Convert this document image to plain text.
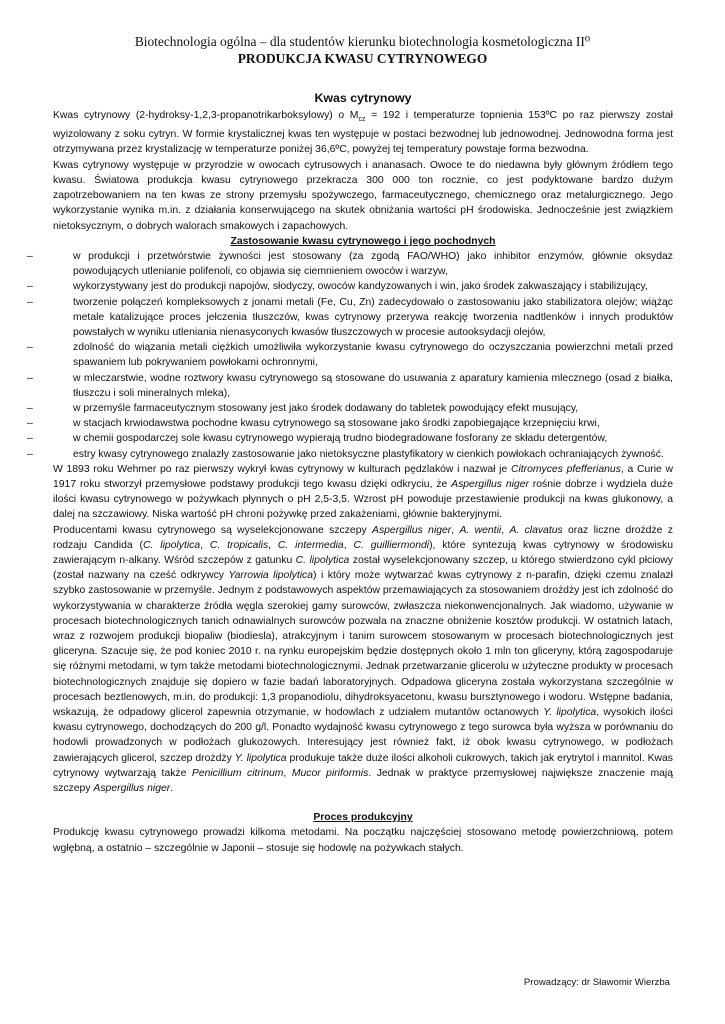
Biotechnologia ogólna – dla studentów kierunku biotechnologia kosmetologiczna II⁰
PRODUKCJA KWASU CYTRYNOWEGO
Kwas cytrynowy

Kwas cytrynowy (2-hydroksy-1,2,3-propanotrikarboksylowy) o $M_{cz} = 192$ i temperaturze topnienia 153ºC po raz pierwszy został wyizolowany z soku cytryn. W formie krystalicznej kwas ten występuje w postaci bezwodnej lub jednowodnej. Jednowodna forma jest otrzymywana przez krystalizację w temperaturze poniżej 36,6ºC, powyżej tej temperatury powstaje forma bezwodna.

Kwas cytrynowy występuje w przyrodzie w owocach cytrusowych i ananasach. Owoce te do niedawna były głównym źródłem tego kwasu. Światowa produkcja kwasu cytrynowego przekracza 300 000 ton rocznie, co jest podyktowane bardzo dużym zapotrzebowaniem na ten kwas ze strony przemysłu spożywczego, farmaceutycznego, chemicznego oraz metalurgicznego. Jego wykorzystanie wynika m.in. z działania konserwującego na skutek obniżania wartości pH środowiska. Jednocześnie jest związkiem nietoksycznym, o dobrych walorach smakowych i zapachowych.

Zastosowanie kwasu cytrynowego i jego pochodnych
–	w produkcji i przetwórstwie żywności jest stosowany (za zgodą FAO/WHO) jako inhibitor enzymów, głównie oksydaz powodujących utlenianie polifenoli, co objawia się ciemnieniem owoców i warzyw,
–	wykorzystywany jest do produkcji napojów, słodyczy, owoców kandyzowanych i win, jako środek zakwaszający i stabilizujący,
–	tworzenie połączeń kompleksowych z jonami metali (Fe, Cu, Zn) zadecydowało o zastosowaniu jako stabilizatora olejów; wiążąc metale katalizujące proces jełczenia tłuszczów, kwas cytrynowy przerywa reakcję tworzenia nadtlenków i innych produktów powstałych w wyniku utleniania nienasyconych kwasów tłuszczowych w procesie autooksydacji olejów,
–	zdolność do wiązania metali ciężkich umożliwiła wykorzystanie kwasu cytrynowego do oczyszczania powierzchni metali przed spawaniem lub pokrywaniem powłokami ochronnymi,
–	w mleczarstwie, wodne roztwory kwasu cytrynowego są stosowane do usuwania z aparatury kamienia mlecznego (osad z białka, tłuszczu i soli mineralnych mleka),
–	w przemyśle farmaceutycznym stosowany jest jako środek dodawany do tabletek powodujący efekt musujący,
–	w stacjach krwiodawstwa pochodne kwasu cytrynowego są stosowane jako środki zapobiegające krzepnięciu krwi,
–	w chemii gospodarczej sole kwasu cytrynowego wypierają trudno biodegradowane fosforany ze składu detergentów,
–	estry kwasy cytrynowego znalazły zastosowanie jako nietoksyczne plastyfikatory w cienkich powłokach ochraniających żywność.

W 1893 roku Wehmer po raz pierwszy wykrył kwas cytrynowy w kulturach pędzlaków i nazwał je Citromyces pfefferianus, a Curie w 1917 roku stworzył przemysłowe podstawy produkcji tego kwasu dzięki odkryciu, że Aspergillus niger rośnie dobrze i wydziela duże ilości kwasu cytrynowego w pożywkach płynnych o pH 2,5-3,5. Wzrost pH powoduje przestawienie produkcji na kwas glukonowy, a dalej na szczawiowy. Niska wartość pH chroni pożywkę przed zakażeniami, głównie bakteryjnymi.

Producentami kwasu cytrynowego są wyselekcjonowane szczepy Aspergillus niger, A. wentii, A. clavatus oraz liczne drożdże z rodzaju Candida (C. lipolytica, C. tropicalis, C. intermedia, C. guilliermondi), które syntezują kwas cytrynowy w środowisku zawierającym n-alkany. Wśród szczepów z gatunku C. lipolytica został wyselekcjonowany szczep, u którego stwierdzono cykl płciowy (został nazwany na cześć odkrywcy Yarrowia lipolytica) i który może wytwarzać kwas cytrynowy z n-parafin, dzięki czemu znalazł szybko zastosowanie w przemyśle. Jednym z podstawowych aspektów przemawiających za stosowaniem drożdży jest ich zdolność do wykorzystywania w charakterze źródła węgla szerokiej gamy surowców, zwłaszcza niekonwencjonalnych. Jak wiadomo, używanie w procesach biotechnologicznych tanich odnawialnych surowców pozwala na znaczne obniżenie kosztów produkcji. W ostatnich latach, wraz z rozwojem produkcji biopaliw (biodiesla), atrakcyjnym i tanim surowcem stosowanym w procesach biotechnologicznych jest gliceryna. Szacuje się, że pod koniec 2010 r. na rynku europejskim będzie dostępnych około 1 mln ton gliceryny, którą zagospodaruje się różnymi metodami, w tym także metodami biotechnologicznymi. Jednak przetwarzanie glicerolu w użyteczne produkty w procesach biotechnologicznych znajduje się dopiero w fazie badań laboratoryjnych. Odpadowa gliceryna została wykorzystana szczególnie w procesach beztlenowych, m.in. do produkcji: 1,3 propanodiolu, dihydroksyacetonu, kwasu bursztynowego i wodoru. Wstępne badania, wskazują, że odpadowy glicerol zapewnia otrzymanie, w hodowlach z udziałem mutantów octanowych Y. lipolytica, wysokich ilości kwasu cytrynowego, dochodzących do 200 g/l. Ponadto wydajność kwasu cytrynowego z tego surowca była wyższa w porównaniu do hodowli prowadzonych w podłożach glukozowych. Interesujący jest również fakt, iż obok kwasu cytrynowego, w podłożach zawierających glicerol, szczep drożdży Y. lipolytica produkuje także duże ilości alkoholi cukrowych, takich jak erytrytol i mannitol. Kwas cytrynowy wytwarzają także Penicillium citrinum, Mucor piriformis. Jednak w praktyce przemysłowej największe znaczenie mają szczepy Aspergillus niger.

Proces produkcyjny

Produkcję kwasu cytrynowego prowadzi kilkoma metodami. Na początku najczęściej stosowano metodę powierzchniową, potem wgłębną, a ostatnio – szczególnie w Japonii – stosuje się hodowlę na pożywkach stałych.

Prowadzący: dr Sławomir Wierzba
